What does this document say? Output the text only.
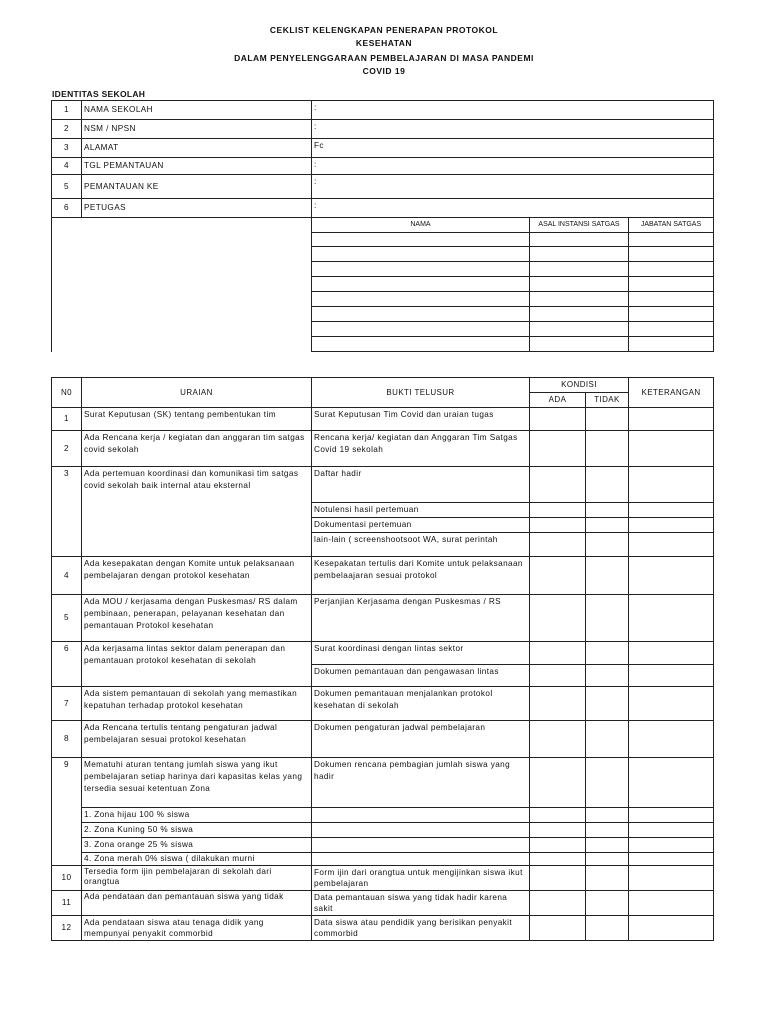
CEKLIST KELENGKAPAN PENERAPAN PROTOKOL
KESEHATAN
DALAM PENYELENGGARAAN PEMBELAJARAN DI MASA PANDEMI
COVID 19
IDENTITAS SEKOLAH
1	NAMA SEKOLAH	:		
2	NSM / NPSN	:		
3	ALAMAT	Fc		
4	TGL PEMANTAUAN	:		
5	PEMANTAUAN KE	:		
6	PETUGAS	:		
		NAMA	ASAL INSTANSI SATGAS	JABATAN SATGAS

N0	URAIAN	BUKTI TELUSUR	KONDISI		KETERANGAN
			ADA	TIDAK	
1	Surat Keputusan (SK) tentang pembentukan tim	Surat Keputusan Tim Covid dan uraian tugas			
2	Ada Rencana kerja / kegiatan dan anggaran tim satgas covid sekolah	Rencana kerja/ kegiatan dan Anggaran Tim Satgas Covid 19 sekolah			
3	Ada pertemuan koordinasi dan komunikasi tim satgas covid sekolah baik internal atau eksternal	Daftar hadir			
		Notulensi hasil pertemuan			
		Dokumentasi pertemuan			
		lain-lain ( screenshootsoot WA, surat perintah			
4	Ada kesepakatan dengan Komite untuk pelaksanaan pembelajaran dengan protokol kesehatan	Kesepakatan tertulis dari Komite untuk pelaksanaan pembelaajaran sesuai protokol			
5	Ada MOU / kerjasama dengan Puskesmas/ RS dalam pembinaan, penerapan, pelayanan kesehatan dan pemantauan Protokol kesehatan	Perjanjian Kerjasama dengan Puskesmas / RS			
6	Ada kerjasama lintas sektor dalam penerapan dan pemantauan protokol kesehatan di sekolah	Surat koordinasi dengan lintas sektor			
		Dokumen pemantauan dan pengawasan lintas			
7	Ada sistem pemantauan di sekolah yang memastikan kepatuhan terhadap protokol kesehatan	Dokumen pemantauan menjalankan protokol kesehatan di sekolah			
8	Ada Rencana tertulis tentang pengaturan jadwal pembelajaran sesuai protokol kesehatan	Dokumen pengaturan jadwal pembelajaran			
9	Mematuhi aturan tentang jumlah siswa yang ikut pembelajaran setiap harinya dari kapasitas kelas yang tersedia sesuai ketentuan Zona	Dokumen rencana pembagian jumlah siswa yang hadir			
	1. Zona hijau 100 % siswa				
	2. Zona Kuning 50 % siswa				
	3. Zona orange 25 % siswa				
	4. Zona merah 0% siswa ( dilakukan murni				
10	Tersedia form ijin pembelajaran di sekolah dari orangtua	Form ijin dari orangtua untuk mengijinkan siswa ikut pembelajaran			
11	Ada pendataan dan pemantauan siswa yang tidak	Data pemantauan siswa yang tidak hadir karena sakit			
12	Ada pendataan siswa atau tenaga didik yang mempunyai penyakit commorbid	Data siswa atau pendidik yang berisikan penyakit commorbid			
